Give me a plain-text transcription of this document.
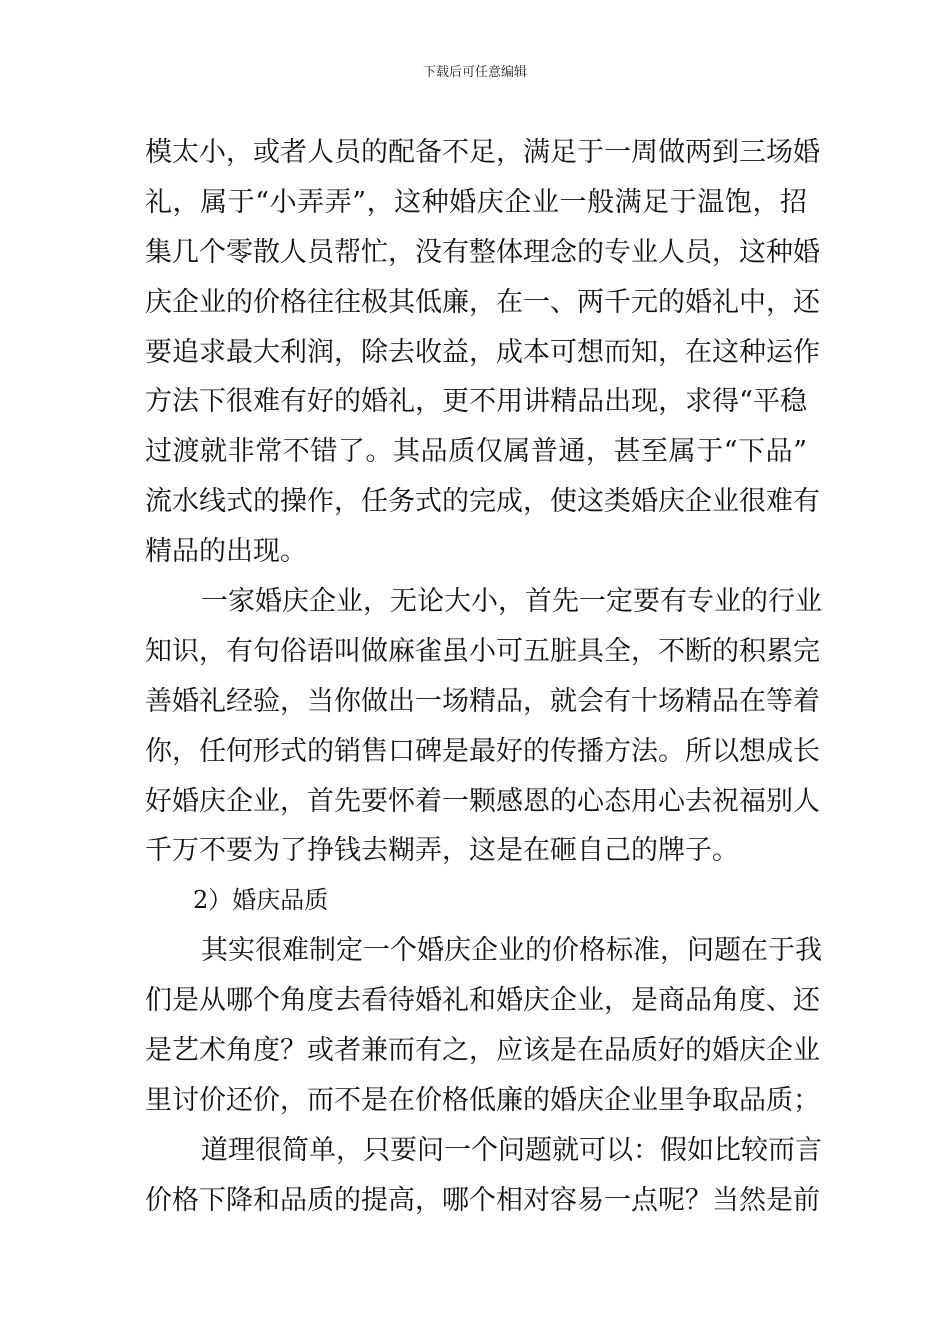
下载后可任意编辑
模太小，或者人员的配备不足，满足于一周做两到三场婚
礼，属于“小弄弄”，这种婚庆企业一般满足于温饱，招
集几个零散人员帮忙，没有整体理念的专业人员，这种婚
庆企业的价格往往极其低廉，在一、两千元的婚礼中，还
要追求最大利润，除去收益，成本可想而知，在这种运作
方法下很难有好的婚礼，更不用讲精品出现，求得“平稳
过渡就非常不错了。其品质仅属普通，甚至属于“下品”
流水线式的操作，任务式的完成，使这类婚庆企业很难有
精品的出现。
一家婚庆企业，无论大小，首先一定要有专业的行业
知识，有句俗语叫做麻雀虽小可五脏具全，不断的积累完
善婚礼经验，当你做出一场精品，就会有十场精品在等着
你，任何形式的销售口碑是最好的传播方法。所以想成长
好婚庆企业，首先要怀着一颗感恩的心态用心去祝福别人
千万不要为了挣钱去糊弄，这是在砸自己的牌子。
2）婚庆品质
其实很难制定一个婚庆企业的价格标准，问题在于我
们是从哪个角度去看待婚礼和婚庆企业，是商品角度、还
是艺术角度？或者兼而有之，应该是在品质好的婚庆企业
里讨价还价，而不是在价格低廉的婚庆企业里争取品质；
道理很简单，只要问一个问题就可以：假如比较而言
价格下降和品质的提高，哪个相对容易一点呢？当然是前
